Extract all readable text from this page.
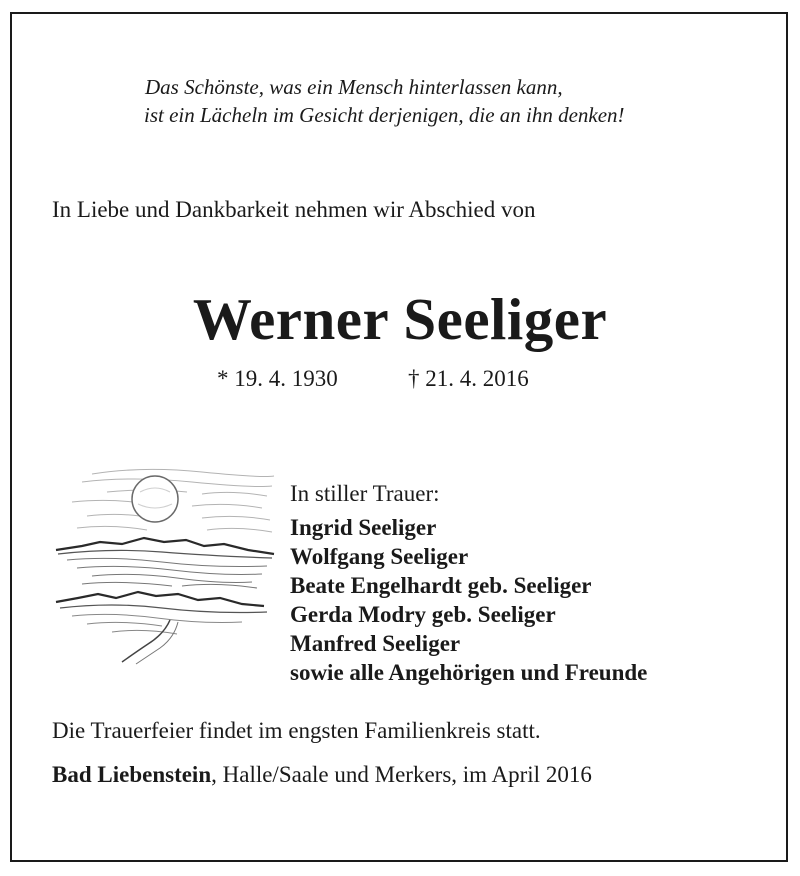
Das Schönste, was ein Mensch hinterlassen kann,
ist ein Lächeln im Gesicht derjenigen, die an ihn denken!
In Liebe und Dankbarkeit nehmen wir Abschied von
Werner Seeliger
* 19. 4. 1930	† 21. 4. 2016
In stiller Trauer:
Ingrid Seeliger
Wolfgang Seeliger
Beate Engelhardt geb. Seeliger
Gerda Modry geb. Seeliger
Manfred Seeliger
sowie alle Angehörigen und Freunde
Die Trauerfeier findet im engsten Familienkreis statt.
Bad Liebenstein, Halle/Saale und Merkers, im April 2016
